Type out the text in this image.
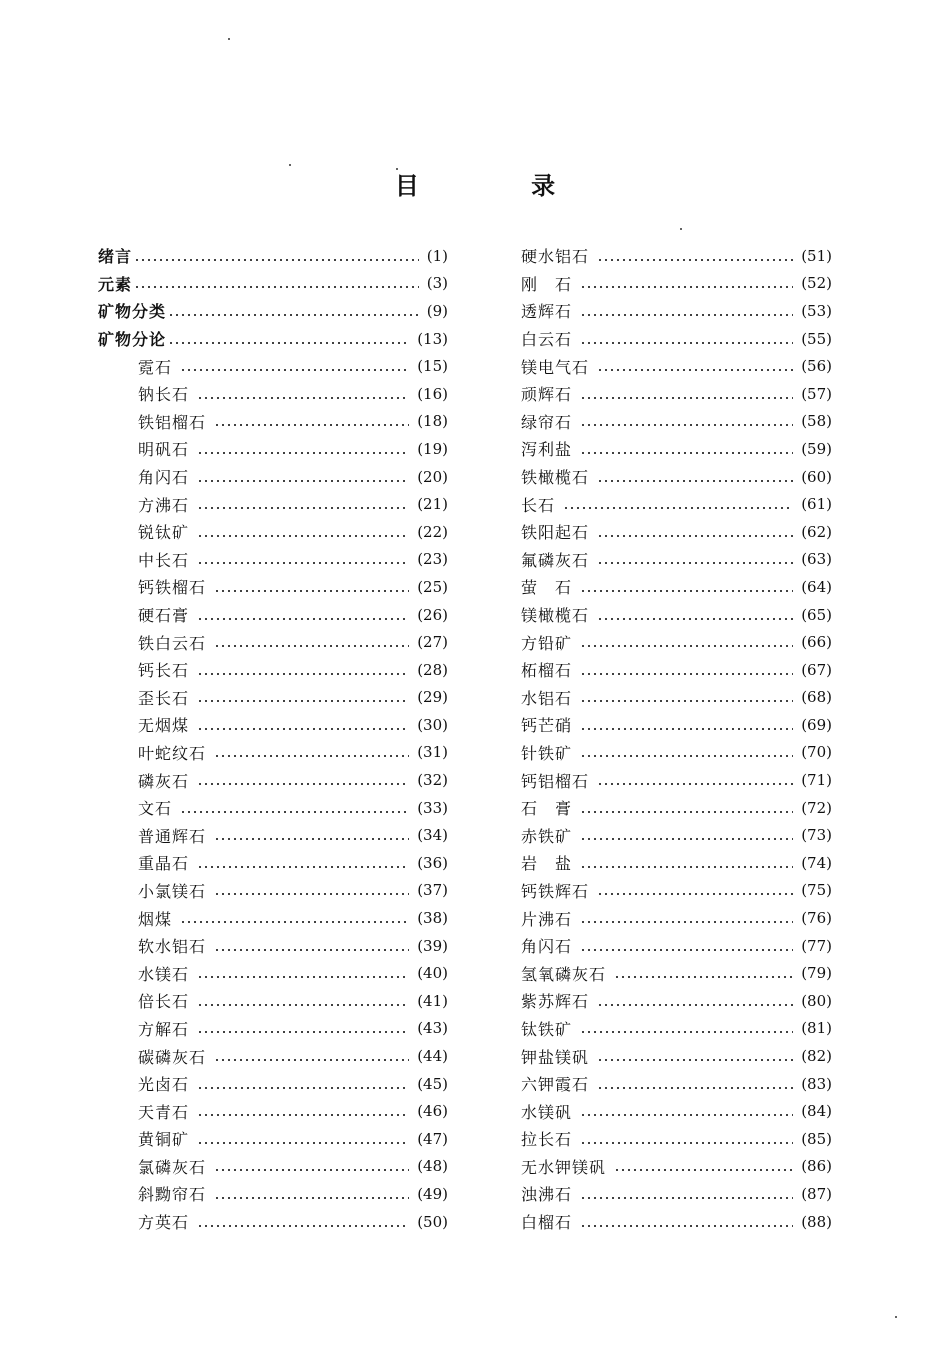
目 录
绪言	(1)
元素	(3)
矿物分类	(9)
矿物分论	(13)
霓石	(15)
钠长石	(16)
铁铝榴石	(18)
明矾石	(19)
角闪石	(20)
方沸石	(21)
锐钛矿	(22)
中长石	(23)
钙铁榴石	(25)
硬石膏	(26)
铁白云石	(27)
钙长石	(28)
歪长石	(29)
无烟煤	(30)
叶蛇纹石	(31)
磷灰石	(32)
文石	(33)
普通辉石	(34)
重晶石	(36)
小氯镁石	(37)
烟煤	(38)
软水铝石	(39)
水镁石	(40)
倍长石	(41)
方解石	(43)
碳磷灰石	(44)
光卤石	(45)
天青石	(46)
黄铜矿	(47)
氯磷灰石	(48)
斜黝帘石	(49)
方英石	(50)
硬水铝石	(51)
刚　石	(52)
透辉石	(53)
白云石	(55)
镁电气石	(56)
顽辉石	(57)
绿帘石	(58)
泻利盐	(59)
铁橄榄石	(60)
长石	(61)
铁阳起石	(62)
氟磷灰石	(63)
萤　石	(64)
镁橄榄石	(65)
方铅矿	(66)
柘榴石	(67)
水铝石	(68)
钙芒硝	(69)
针铁矿	(70)
钙铝榴石	(71)
石　膏	(72)
赤铁矿	(73)
岩　盐	(74)
钙铁辉石	(75)
片沸石	(76)
角闪石	(77)
氢氧磷灰石	(79)
紫苏辉石	(80)
钛铁矿	(81)
钾盐镁矾	(82)
六钾霞石	(83)
水镁矾	(84)
拉长石	(85)
无水钾镁矾	(86)
浊沸石	(87)
白榴石	(88)
